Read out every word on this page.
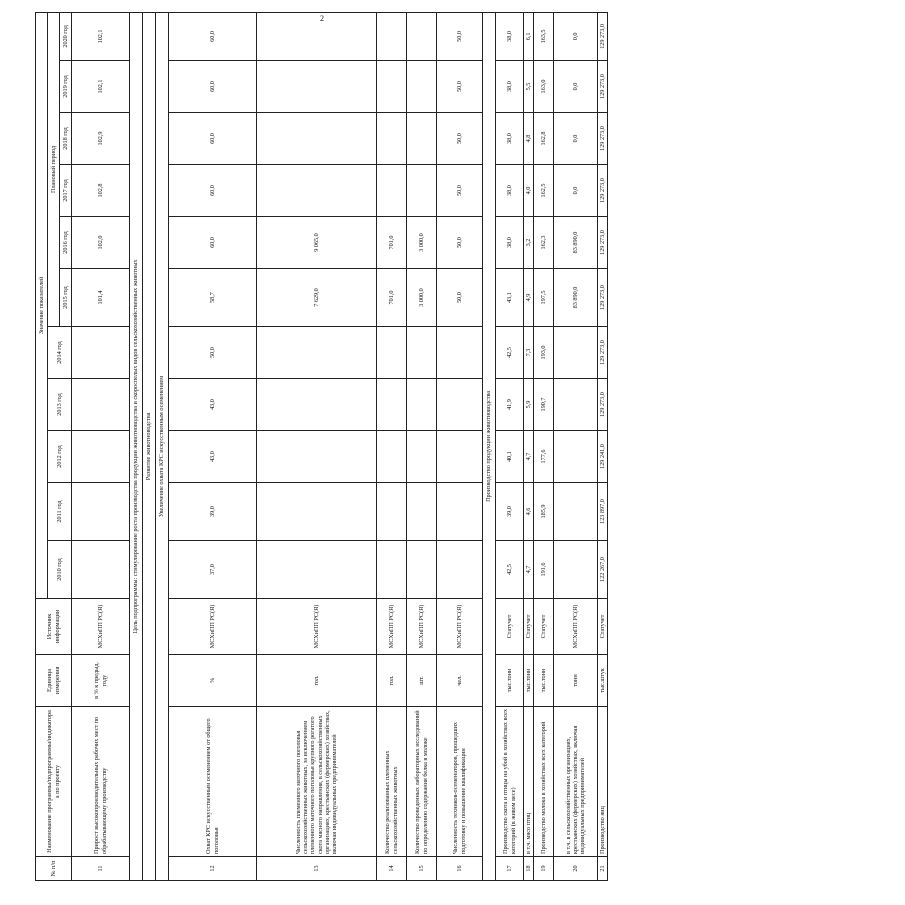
2
№ п/п	Наименование программы/подпрограммы/индикатора а по проекту	Единица измерения	Источник информации	Значение показателей										
				2010 год	2011 год	2012 год	2013 год	2014 год	Плановый период					
									2015 год	2016 год	2017 год	2018 год	2019 год	2020 год
11	Прирост высокопроизводительных рабочих мест по обрабатывающему производству	в % к предыд. году	МСХиПП РС(Я)						101,4	102,0	102,8	102,9	102,1	102,1
Цель подпрограммы: стимулирование роста производства продукции животноводства и скороспелых видов сельскохозяйственных животных														
Развитие животноводства														
Увеличение охвата КРС искусственным осеменением														
12	Охват КРС искусственным осеменением от общего поголовья	%	МСХиПП РС(Я)	37,0	39,0	43,0	43,0	50,0	58,7	60,0	60,0	60,0	60,0	60,0
13	Численность племенного маточного поголовья сельскохозяйственных животных, за исключением племенного маточного поголовья крупного рогатого скота мясного направления, в сельскохозяйственных организациях, крестьянских (фермерских) хозяйствах, включая индивидуальных предпринимателей	гол.	МСХиПП РС(Я)						7 629,0	9 065,0				
14	Количество реализованных племенных сельскохозяйственных животных	гол.	МСХиПП РС(Я)						701,0	701,0				
15	Количество проведенных лабораторных исследований по определению содержания белка в молоке	шт.	МСХиПП РС(Я)						3 000,0	3 000,0				
16	Численность техников-осеменаторов, прошедших подготовку и повышение квалификации	чел.	МСХиПП РС(Я)						50,0	50,0	50,0	50,0	50,0	50,0
Производство продукции животноводства														
17	Производство скота и птицы на убой в хозяйствах всех категорий (в живом весе)	тыс.тонн	Статучет	42,5	39,0	40,1	41,9	42,5	43,1	38,0	38,0	38,0	38,0	38,0
18	в т.ч. мясо птиц	тыс.тонн	Статучет	4,7	4,6	4,7	5,9	7,3	4,9	3,2	4,0	4,8	5,5	6,1
19	Производство молока в хозяйствах всех категорий	тыс.тонн	Статучет	191,6	185,9	177,6	190,7	193,0	197,5	162,3	162,5	162,8	163,0	163,5
20	в т.ч. в сельскохозяйственных организациях, крестьянских (фермерских) хозяйствах, включая индивидуальных предпринимателей	тонн	МСХиПП РС(Я)						83 890,0	83 890,0	0,0	0,0	0,0	0,0
21	Производство яиц	тыс.штук	Статучет	122 267,0	123 897,0	129 241,0	129 273,0	129 273,0	129 273,0	129 273,0	129 273,0	129 273,0	129 273,0	129 273,0
